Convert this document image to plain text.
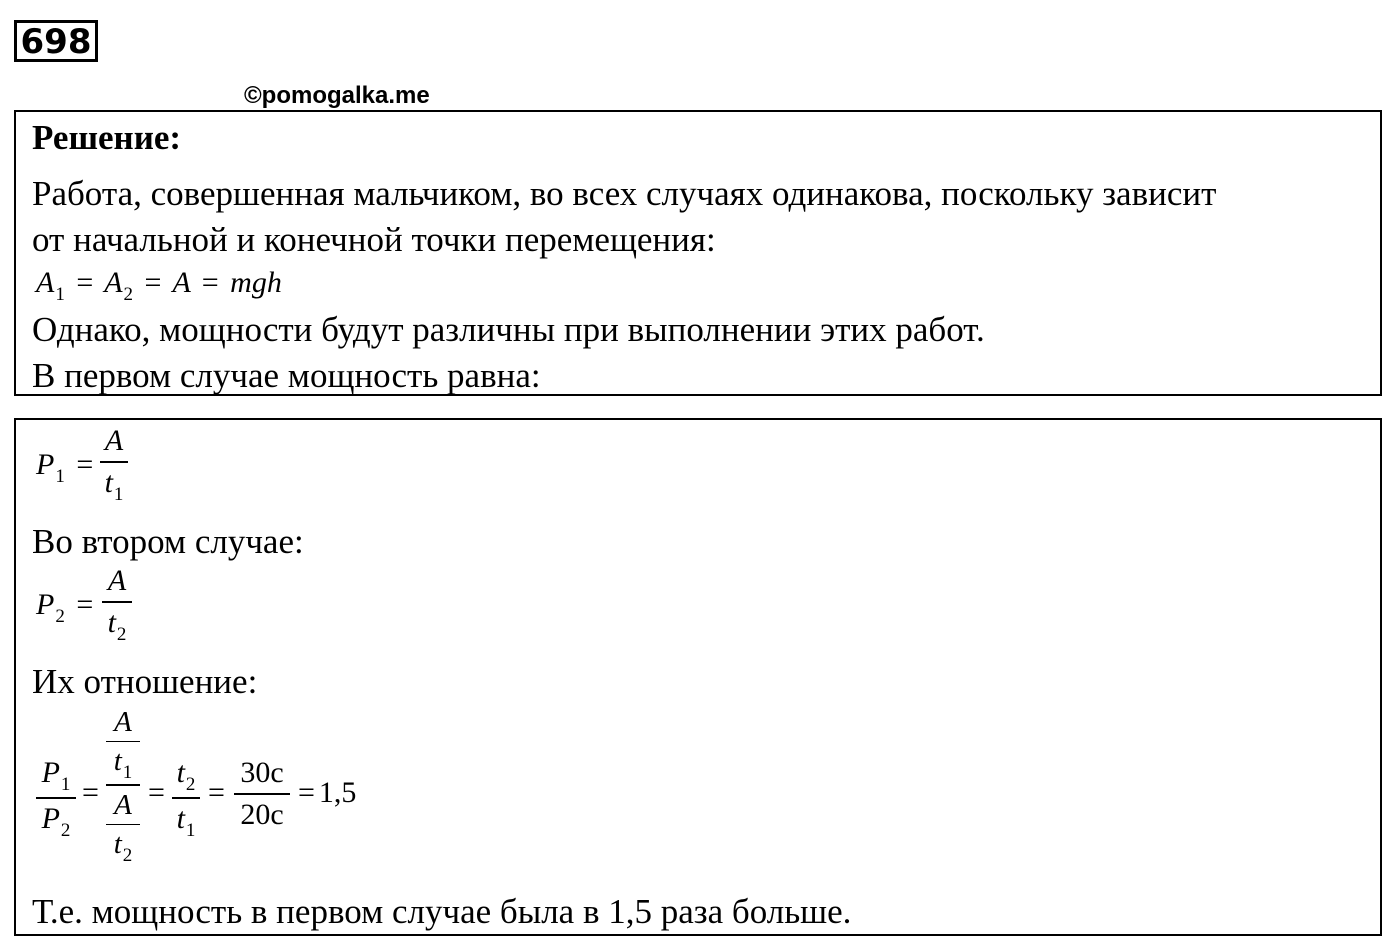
698
©pomogalka.me
Решение:
Работа, совершенная мальчиком, во всех случаях одинакова, поскольку зависит
от начальной и конечной точки перемещения:
$A_1 = A_2 = A$ = mgh
Однако, мощности будут различны при выполнении этих работ.
В первом случае мощность равна:
$P_1$ =
A
$t_1$
Во втором случае:
$P_2$ =
A
$t_2$
Их отношение:
$P_1$
$P_2$
=
A
$t_1$
A
$t_2$
=
$t_2$
$t_1$
=
30c
20c
= 1,5
Т.е. мощность в первом случае была в 1,5 раза больше.
